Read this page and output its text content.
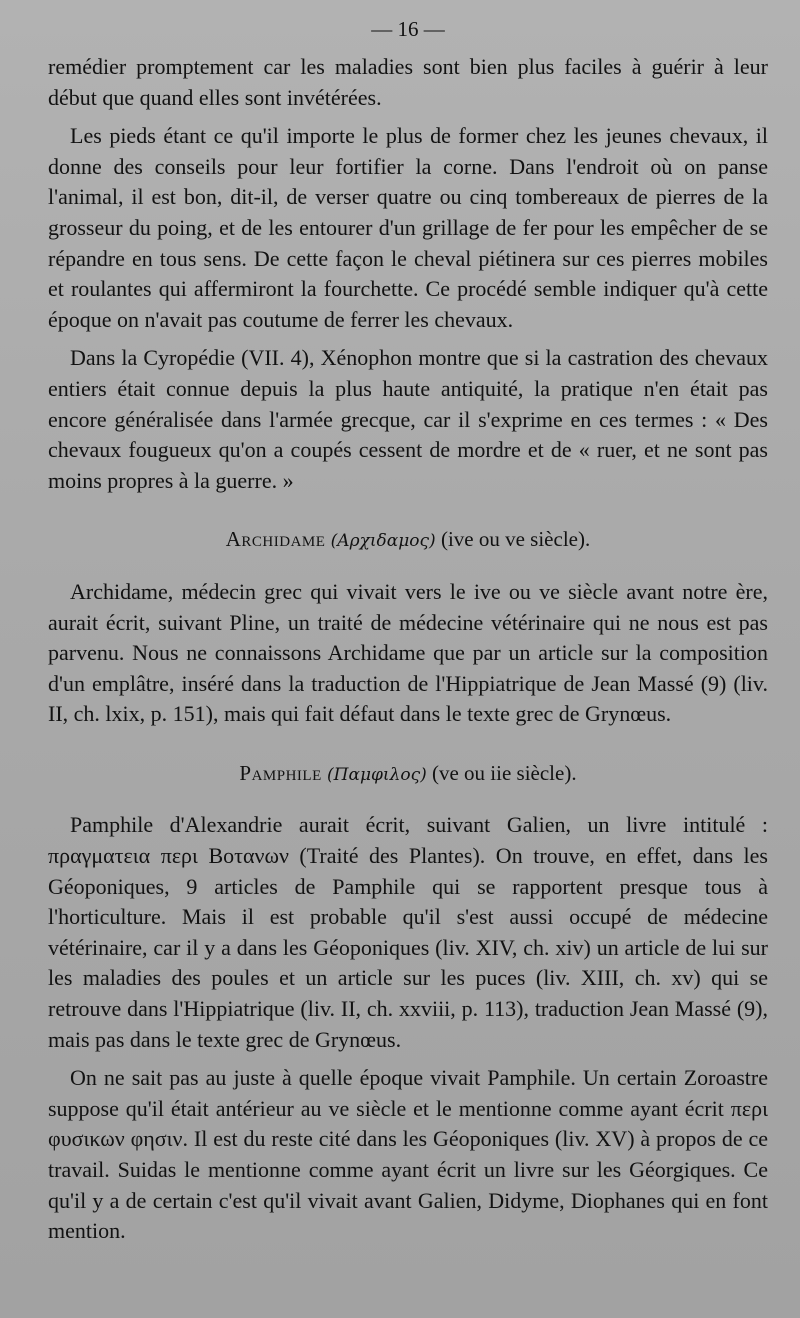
— 16 —

remédier promptement car les maladies sont bien plus faciles à guérir à leur début que quand elles sont invétérées.

Les pieds étant ce qu'il importe le plus de former chez les jeunes chevaux, il donne des conseils pour leur fortifier la corne. Dans l'endroit où on panse l'animal, il est bon, dit-il, de verser quatre ou cinq tombereaux de pierres de la grosseur du poing, et de les entourer d'un grillage de fer pour les empêcher de se répandre en tous sens. De cette façon le cheval piétinera sur ces pierres mobiles et roulantes qui affermiront la fourchette. Ce procédé semble indiquer qu'à cette époque on n'avait pas coutume de ferrer les chevaux.

Dans la Cyropédie (VII. 4), Xénophon montre que si la castration des chevaux entiers était connue depuis la plus haute antiquité, la pratique n'en était pas encore généralisée dans l'armée grecque, car il s'exprime en ces termes : « Des chevaux fougueux qu'on a coupés cessent de mordre et de « ruer, et ne sont pas moins propres à la guerre. »

Archidame (Αρχιδαμος) (ive ou ve siècle).

Archidame, médecin grec qui vivait vers le ive ou ve siècle avant notre ère, aurait écrit, suivant Pline, un traité de médecine vétérinaire qui ne nous est pas parvenu. Nous ne connaissons Archidame que par un article sur la composition d'un emplâtre, inséré dans la traduction de l'Hippiatrique de Jean Massé (9) (liv. II, ch. lxix, p. 151), mais qui fait défaut dans le texte grec de Grynœus.

Pamphile (Παμφιλος) (ve ou iie siècle).

Pamphile d'Alexandrie aurait écrit, suivant Galien, un livre intitulé : πραγματεια περι Βοτανων (Traité des Plantes). On trouve, en effet, dans les Géoponiques, 9 articles de Pamphile qui se rapportent presque tous à l'horticulture. Mais il est probable qu'il s'est aussi occupé de médecine vétérinaire, car il y a dans les Géoponiques (liv. XIV, ch. xiv) un article de lui sur les maladies des poules et un article sur les puces (liv. XIII, ch. xv) qui se retrouve dans l'Hippiatrique (liv. II, ch. xxviii, p. 113), traduction Jean Massé (9), mais pas dans le texte grec de Grynœus.

On ne sait pas au juste à quelle époque vivait Pamphile. Un certain Zoroastre suppose qu'il était antérieur au ve siècle et le mentionne comme ayant écrit περι φυσικων φησιν. Il est du reste cité dans les Géoponiques (liv. XV) à propos de ce travail. Suidas le mentionne comme ayant écrit un livre sur les Géorgiques. Ce qu'il y a de certain c'est qu'il vivait avant Galien, Didyme, Diophanes qui en font mention.
